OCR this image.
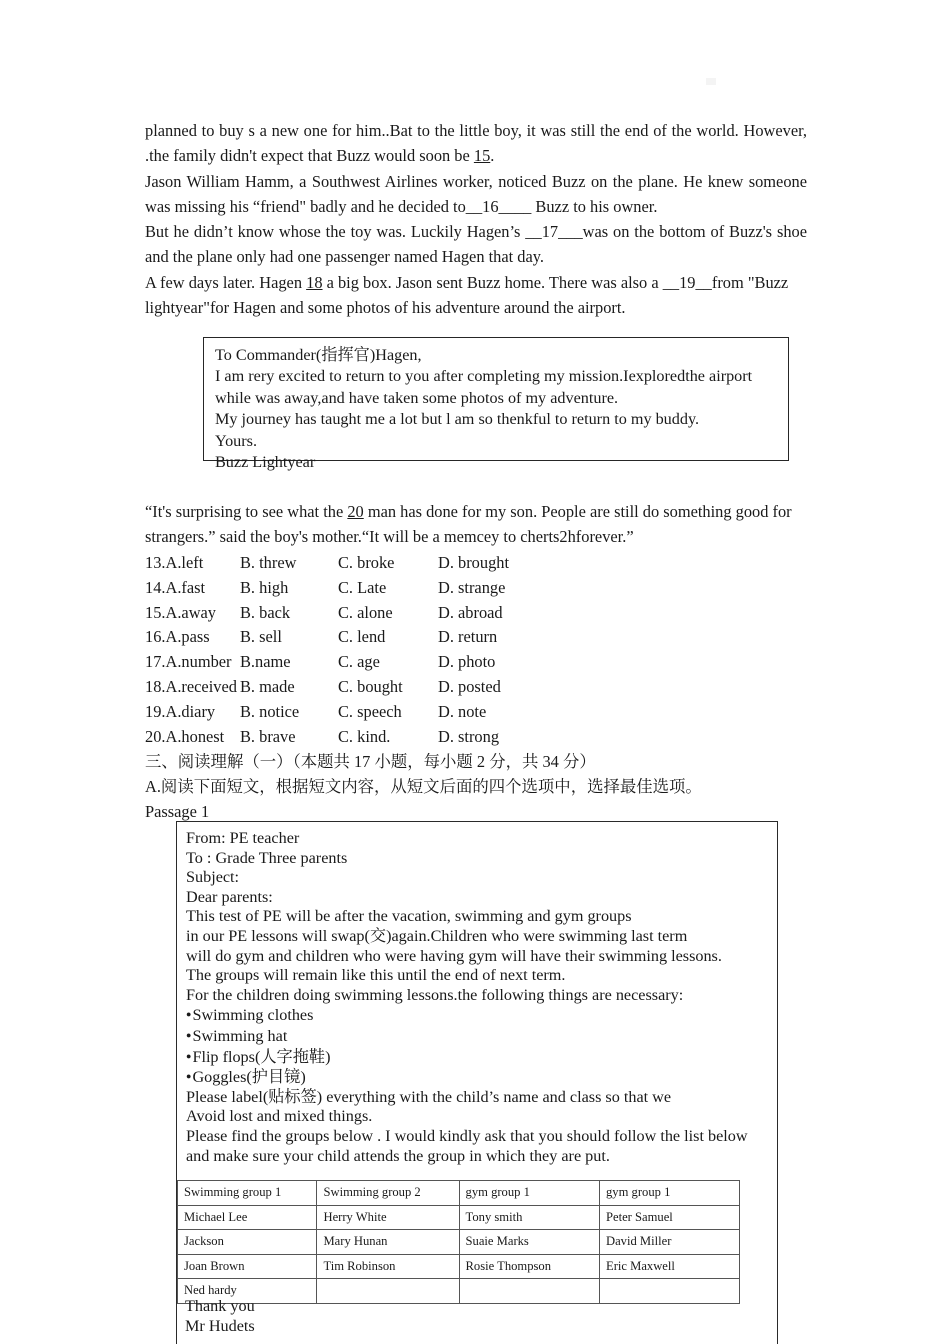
planned to buy s a new one for him..Bat to the little boy, it was still the end of the world. However, .the family didn't expect that Buzz would soon be 15.

Jason William Hamm, a Southwest Airlines worker, noticed Buzz on the plane. He knew someone was missing his “friend" badly and he decided to__16____ Buzz to his owner.

But he didn’t know whose the toy was. Luckily Hagen’s __17___was on the bottom of Buzz's shoe and the plane only had one passenger named Hagen that day.

A few days later. Hagen 18 a big box. Jason sent Buzz home. There was also a __19__from "Buzz lightyear"for Hagen and some photos of his adventure around the airport.

To Commander(指挥官)Hagen,
I am rery excited to return to you after completing my mission.Iexploredthe airport
while was away,and have taken some photos of my adventure.
My journey has taught me a lot but l am so thenkful to return to my buddy.
Yours.
Buzz Lightyear

“It's surprising to see what the 20 man has done for my son. People are still do something good for strangers.” said the boy's mother.“It will be a memcey to cherts2hforever.”

13.A.left B. threw	C. broke	D. brought
14.A.fast B. high	C. Late	D. strange
15.A.away B. back	C. alone	D. abroad
16.A.pass B. sell	C. lend	D. return
17.A.number B.name	C. age	D. photo
18.A.received B. made	C. bought D. posted
19.A.diary B. notice C. speech D. note
20.A.honest B. brave	C. kind.	D. strong
三、阅读理解（一）（本题共 17 小题，每小题 2 分，共 34 分）
A.阅读下面短文，根据短文内容，从短文后面的四个选项中，选择最佳选项。
Passage 1
From: PE teacher
To : Grade Three parents
Subject:
Dear parents:
This test of PE will be after the vacation, swimming and gym groups
in our PE lessons will swap(交)again.Children who were swimming last term
will do gym and children who were having gym will have their swimming lessons.
The groups will remain like this until the end of next term.
For the children doing swimming lessons.the following things are necessary:
● Swimming clothes
● Swimming hat
● Flip flops(人字拖鞋)
● Goggles(护目镜)
Please label(贴标签) everything with the child’s name and class so that we
Avoid lost and mixed things.
Please find the groups below . I would kindly ask that you should follow the list below
and make sure your child attends the group in which they are put.
Swimming group 1	Swimming group 2	gym group 1	gym group 1
Michael Lee	Herry White	Tony smith	Peter Samuel
Jackson	Mary Hunan	Suaie Marks	David Miller
Joan Brown	Tim Robinson	Rosie Thompson	Eric Maxwell
Ned hardy			
Thank you
Mr Hudets
